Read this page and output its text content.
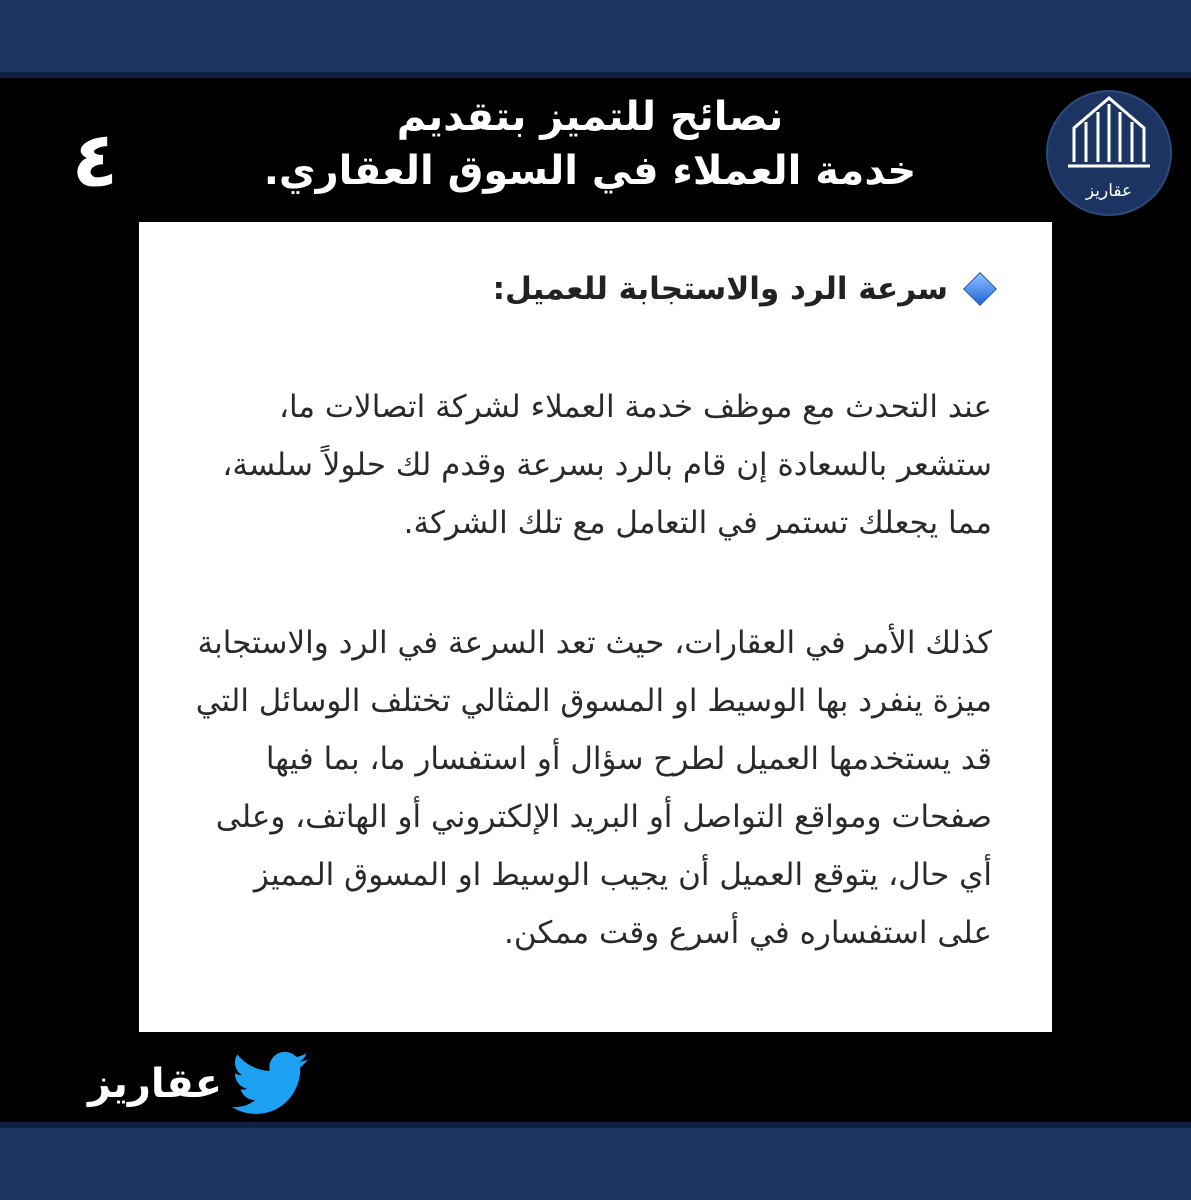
عقاريز
٤	نصائح للتميز بتقديم
خدمة العملاء في السوق العقاري.
سرعة الرد والاستجابة للعميل:
عند التحدث مع موظف خدمة العملاء لشركة اتصالات ما، ستشعر بالسعادة إن قام بالرد بسرعة وقدم لك حلولاً سلسة، مما يجعلك تستمر في التعامل مع تلك الشركة.
كذلك الأمر في العقارات، حيث تعد السرعة في الرد والاستجابة ميزة ينفرد بها الوسيط او المسوق المثالي تختلف الوسائل التي قد يستخدمها العميل لطرح سؤال أو استفسار ما، بما فيها صفحات ومواقع التواصل أو البريد الإلكتروني أو الهاتف، وعلى أي حال، يتوقع العميل أن يجيب الوسيط او المسوق المميز على استفساره في أسرع وقت ممكن.
عقاريز
